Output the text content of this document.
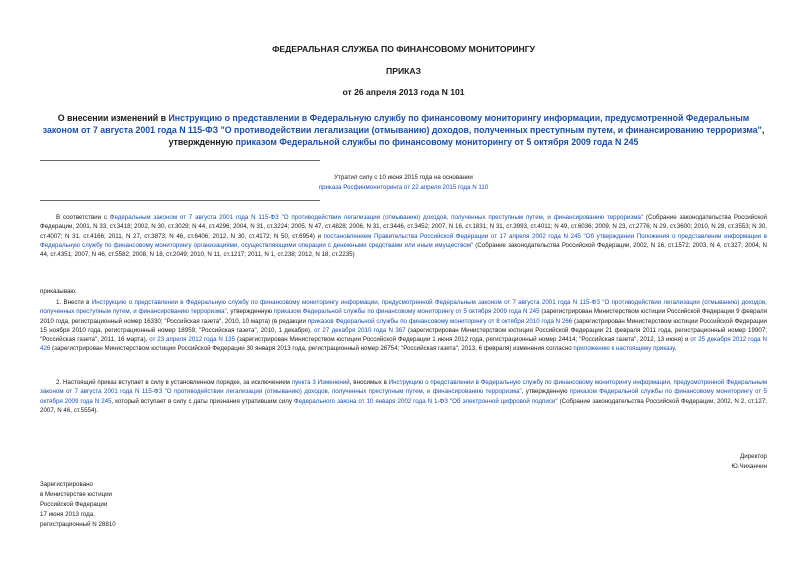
ФЕДЕРАЛЬНАЯ СЛУЖБА ПО ФИНАНСОВОМУ МОНИТОРИНГУ
ПРИКАЗ
от 26 апреля 2013 года N 101
О внесении изменений в Инструкцию о представлении в Федеральную службу по финансовому мониторингу информации, предусмотренной Федеральным законом от 7 августа 2001 года N 115-ФЗ "О противодействии легализации (отмыванию) доходов, полученных преступным путем, и финансированию терроризма", утвержденную приказом Федеральной службы по финансовому мониторингу от 5 октября 2009 года N 245
Утратил силу с 10 июня 2015 года на основании
приказа Росфинмониторинга от 22 апреля 2015 года N 110
В соответствии с Федеральным законом от 7 августа 2001 года N 115-ФЗ "О противодействии легализации (отмыванию) доходов, полученных преступным путем, и финансированию терроризма" (Собрание законодательства Российской Федерации, 2001, N 33, ст.3418; 2002, N 30, ст.3029; N 44, ст.4296; 2004, N 31, ст.3224; 2005, N 47, ст.4828; 2006, N 31, ст.3446, ст.3452; 2007, N 16, ст.1831; N 31, ст.3993, ст.4011; N 49, ст.6036; 2009, N 23, ст.2776; N 29, ст.3600; 2010, N 28, ст.3553; N 30, ст.4007; N 31, ст.4166; 2011, N 27, ст.3873; N 46, ст.6406; 2012, N 30, ст.4172; N 50, ст.6954) и постановлением Правительства Российской Федерации от 17 апреля 2002 года N 245 "Об утверждении Положения о представлении информации в Федеральную службу по финансовому мониторингу организациями, осуществляющими операции с денежными средствами или иным имуществом" (Собрание законодательства Российской Федерации, 2002, N 16, ст.1572; 2003, N 4, ст.327; 2004, N 44, ст.4351; 2007, N 46, ст.5582; 2008, N 18, ст.2049; 2010, N 11, ст.1217; 2011, N 1, ст.238; 2012, N 18, ст.2235)
приказываю:
1. Внести в Инструкцию о представлении в Федеральную службу по финансовому мониторингу информации, предусмотренной Федеральным законом от 7 августа 2001 года N 115-ФЗ "О противодействии легализации (отмыванию) доходов, полученных преступным путем, и финансированию терроризма", утвержденную приказом Федеральной службы по финансовому мониторингу от 5 октября 2009 года N 245 (зарегистрирован Министерством юстиции Российской Федерации 9 февраля 2010 года, регистрационный номер 16330; "Российская газета", 2010, 10 марта) (в редакции приказов Федеральной службы по финансовому мониторингу от 8 октября 2010 года N 266 (зарегистрирован Министерством юстиции Российской Федерации 15 ноября 2010 года, регистрационный номер 18959; "Российская газета", 2010, 1 декабря), от 27 декабря 2010 года N 367 (зарегистрирован Министерством юстиции Российской Федерации 21 февраля 2011 года, регистрационный номер 19907; "Российская газета", 2011, 16 марта), от 23 апреля 2012 года N 135 (зарегистрирован Министерством юстиции Российской Федерации 1 июня 2012 года, регистрационный номер 24414; "Российская газета", 2012, 13 июня) и от 25 декабря 2012 года N 426 (зарегистрирован Министерством юстиции Российской Федерации 30 января 2013 года, регистрационный номер 26754; "Российская газета", 2013, 6 февраля) изменения согласно приложению к настоящему приказу.
2. Настоящий приказ вступает в силу в установленном порядке, за исключением пункта 3 Изменений, вносимых в Инструкцию о представлении в Федеральную службу по финансовому мониторингу информации, предусмотренной Федеральным законом от 7 августа 2001 года N 115-ФЗ "О противодействии легализации (отмыванию) доходов, полученных преступным путем, и финансированию терроризма", утвержденную приказом Федеральной службы по финансовому мониторингу от 5 октября 2009 года N 245, который вступает в силу с даты признания утратившим силу Федерального закона от 10 января 2002 года N 1-ФЗ "Об электронной цифровой подписи" (Собрание законодательства Российской Федерации, 2002, N 2, ст.127; 2007, N 46, ст.5554).
Директор
Ю.Чиханчин
Зарегистрировано
в Министерстве юстиции
Российской Федерации
17 июня 2013 года,
регистрационный N 28810
